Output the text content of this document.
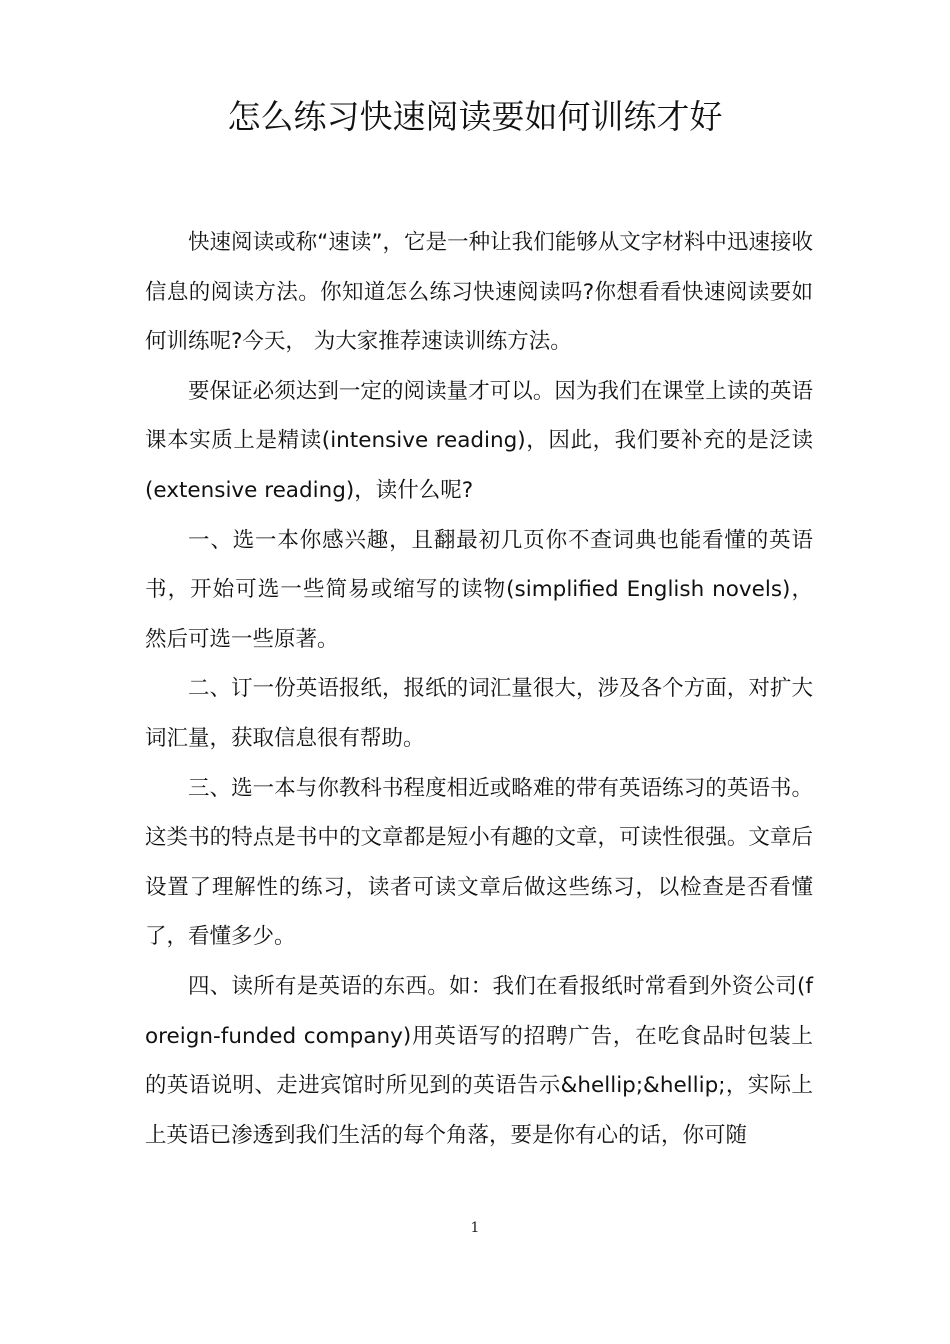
怎么练习快速阅读要如何训练才好

快速阅读或称“速读”，它是一种让我们能够从文字材料中迅速接收信息的阅读方法。你知道怎么练习快速阅读吗?你想看看快速阅读要如何训练呢?今天， 为大家推荐速读训练方法。

要保证必须达到一定的阅读量才可以。因为我们在课堂上读的英语课本实质上是精读(intensive reading)，因此，我们要补充的是泛读(extensive reading)，读什么呢?

一、选一本你感兴趣，且翻最初几页你不查词典也能看懂的英语书，开始可选一些简易或缩写的读物(simplified English novels)，然后可选一些原著。

二、订一份英语报纸，报纸的词汇量很大，涉及各个方面，对扩大词汇量，获取信息很有帮助。

三、选一本与你教科书程度相近或略难的带有英语练习的英语书。这类书的特点是书中的文章都是短小有趣的文章，可读性很强。文章后设置了理解性的练习，读者可读文章后做这些练习，以检查是否看懂了，看懂多少。

四、读所有是英语的东西。如：我们在看报纸时常看到外资公司(foreign-funded company)用英语写的招聘广告，在吃食品时包装上的英语说明、走进宾馆时所见到的英语告示&hellip;&hellip;，实际上上英语已渗透到我们生活的每个角落，要是你有心的话，你可随

1
